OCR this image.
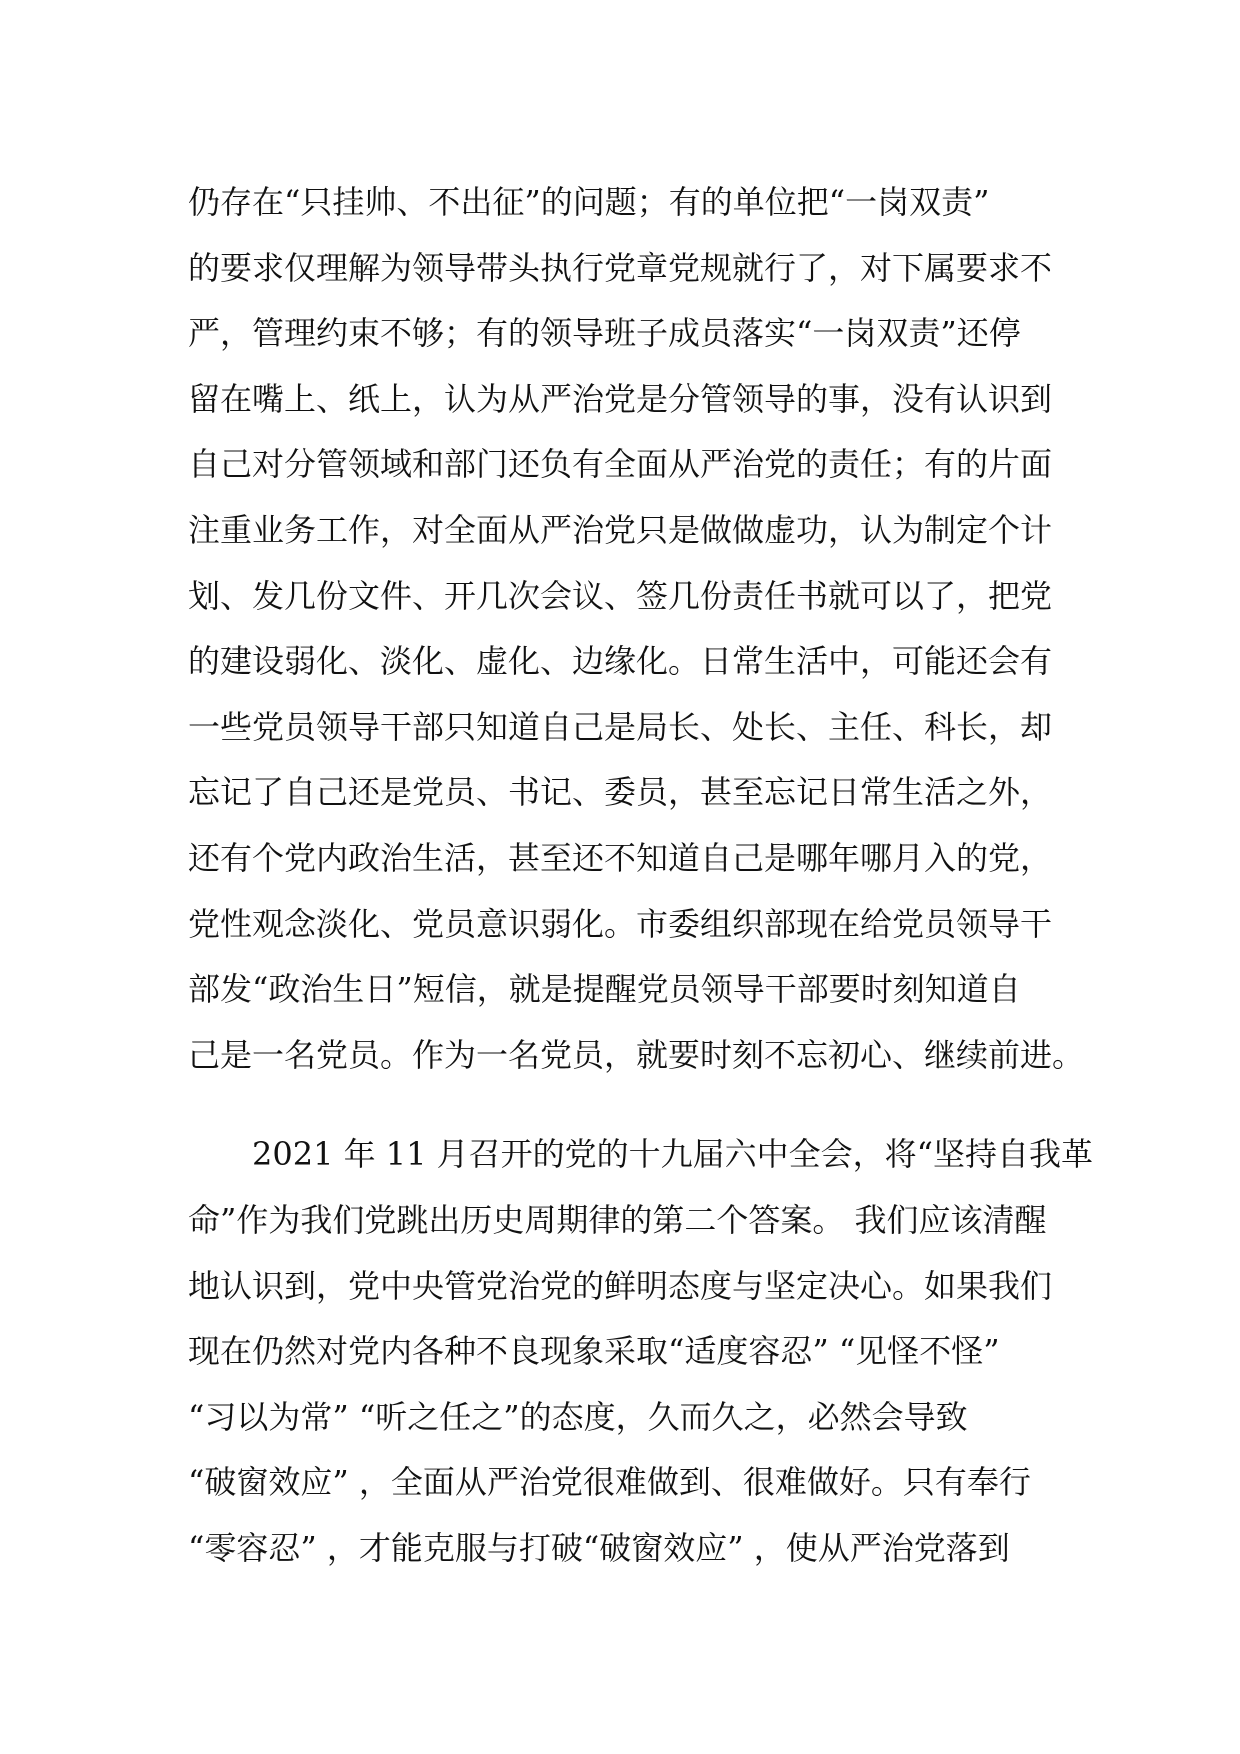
仍存在“只挂帅、不出征”的问题；有的单位把“一岗双责”
的要求仅理解为领导带头执行党章党规就行了，对下属要求不
严，管理约束不够；有的领导班子成员落实“一岗双责”还停
留在嘴上、纸上，认为从严治党是分管领导的事，没有认识到
自己对分管领域和部门还负有全面从严治党的责任；有的片面
注重业务工作，对全面从严治党只是做做虚功，认为制定个计
划、发几份文件、开几次会议、签几份责任书就可以了，把党
的建设弱化、淡化、虚化、边缘化。日常生活中，可能还会有
一些党员领导干部只知道自己是局长、处长、主任、科长，却
忘记了自己还是党员、书记、委员，甚至忘记日常生活之外，
还有个党内政治生活，甚至还不知道自己是哪年哪月入的党，
党性观念淡化、党员意识弱化。市委组织部现在给党员领导干
部发“政治生日”短信，就是提醒党员领导干部要时刻知道自
己是一名党员。作为一名党员，就要时刻不忘初心、继续前进。

2021 年 11 月召开的党的十九届六中全会，将“坚持自我革
命”作为我们党跳出历史周期律的第二个答案。 我们应该清醒
地认识到，党中央管党治党的鲜明态度与坚定决心。如果我们
现在仍然对党内各种不良现象采取“适度容忍” “见怪不怪”
“习以为常” “听之任之”的态度，久而久之，必然会导致
“破窗效应” ，全面从严治党很难做到、很难做好。只有奉行
“零容忍” ，才能克服与打破“破窗效应” ，使从严治党落到
